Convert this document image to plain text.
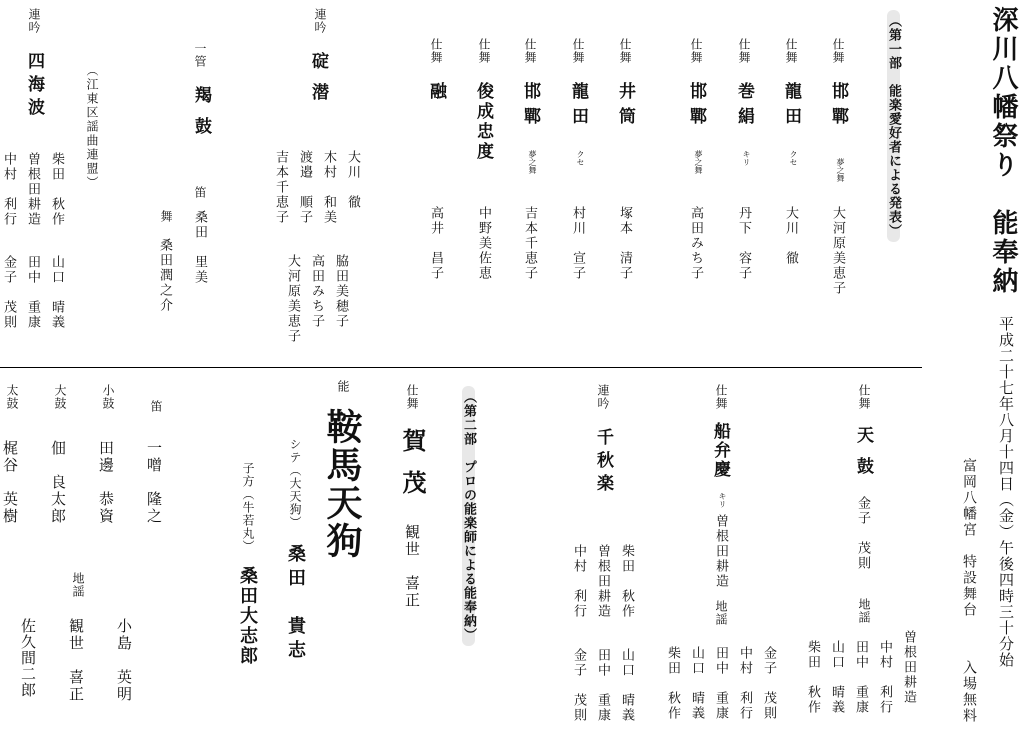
深川八幡祭り　能奉納
平成二十七年八月十四日（金）午後四時三十分始
富岡八幡宮　特設舞台
入場無料
（第一部　能楽愛好者による発表）
仕舞
邯鄲
夢之舞
大河原美恵子
仕舞
龍田
クセ
大川　徹
仕舞
巻絹
キリ
丹下　容子
仕舞
邯鄲
夢之舞
高田みち子
仕舞
井筒
塚本　清子
仕舞
龍田
クセ
村川　宣子
仕舞
邯鄲
夢之舞
吉本千恵子
仕舞
俊成忠度
中野美佐恵
仕舞
融
高井　昌子
連吟
碇潜
大川　徹
脇田美穂子
木村　和美
高田みち子
渡邉　順子
大河原美恵子
吉本千恵子
一管
羯鼓
笛
桑田　里美
舞
桑田潤之介
（江東区謡曲連盟）
連吟
四海波
柴田　秋作
山口　晴義
曽根田耕造
田中　重康
中村　利行
金子　茂則
仕舞
天鼓
金子　茂則
地謡
曽根田耕造
中村　利行
田中　重康
山口　晴義
柴田　秋作
仕舞
船弁慶
キリ
曽根田耕造
地謡
金子　茂則
中村　利行
田中　重康
山口　晴義
柴田　秋作
連吟
千秋楽
柴田　秋作
山口　晴義
曽根田耕造
田中　重康
中村　利行
金子　茂則
（第二部　プロの能楽師による能奉納）
仕舞
賀茂
観世　喜正
能
鞍馬天狗
シテ（大天狗）
桑田　貴志
子方（牛若丸）
桑田大志郎
笛
一噌　隆之
小鼓
田邊　恭資
大鼓
佃　良太郎
太鼓
梶谷　英樹
地謡
小島　英明
観世　喜正
佐久間二郎
